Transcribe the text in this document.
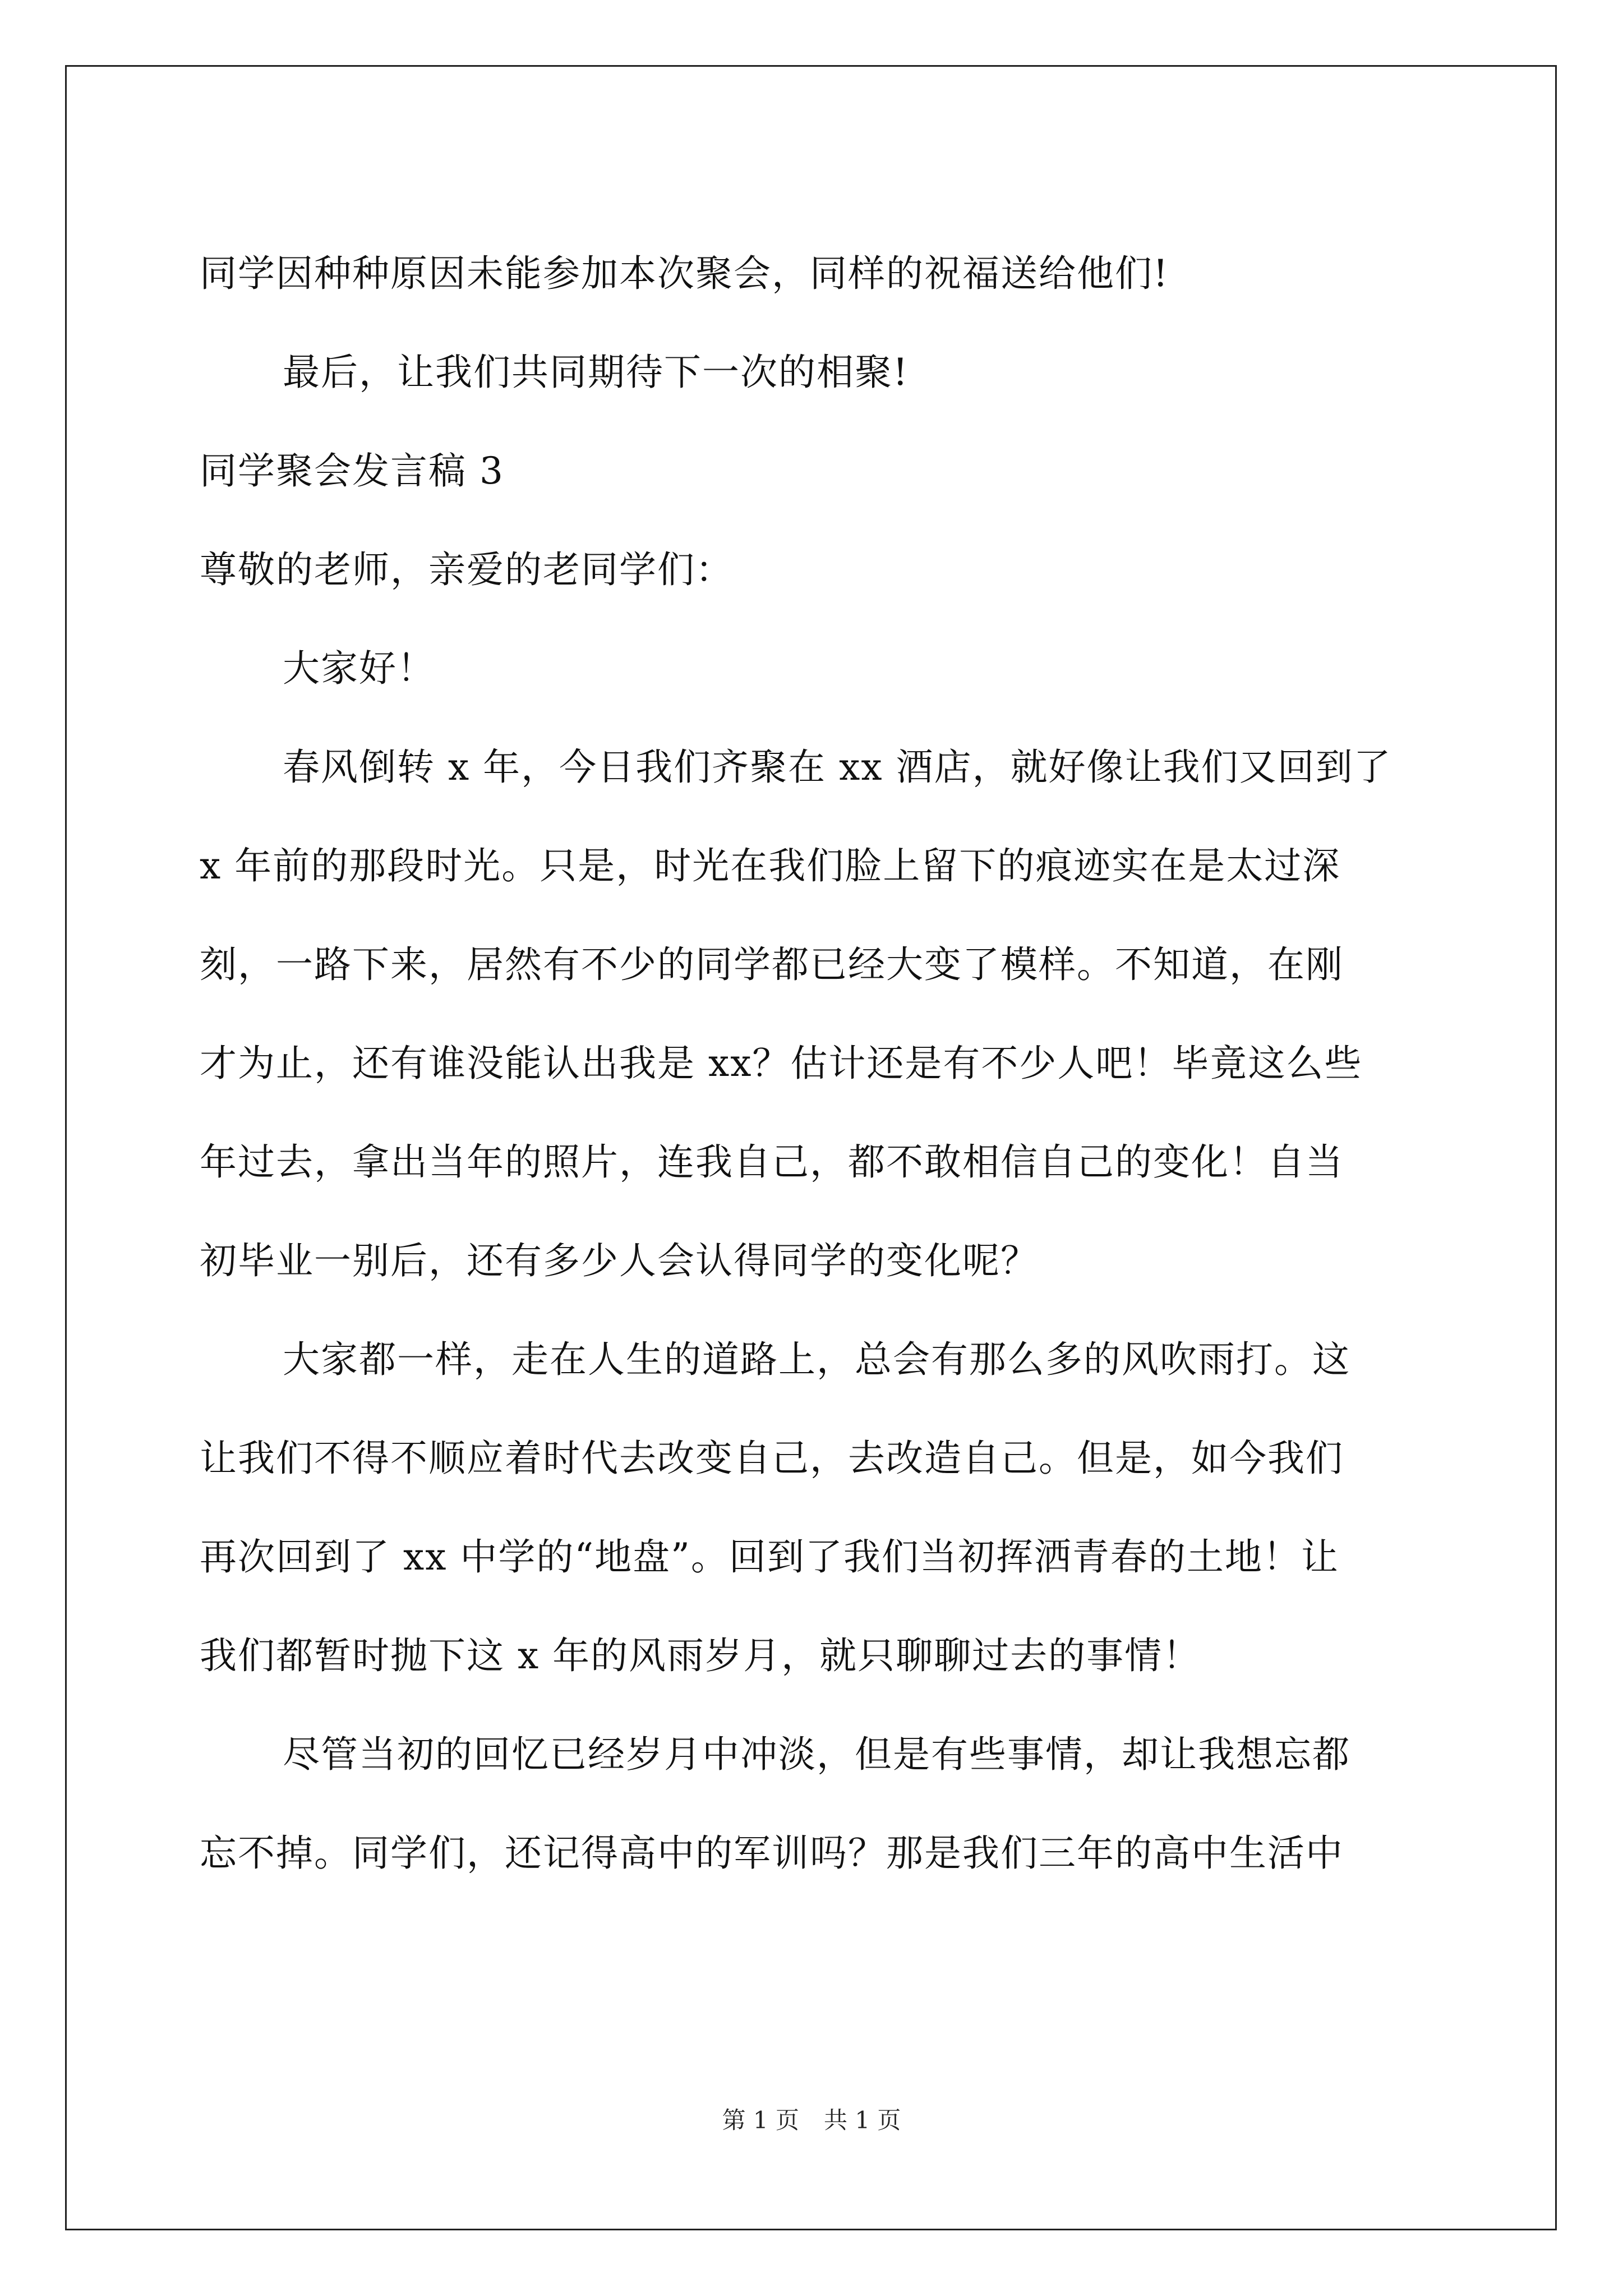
同学因种种原因未能参加本次聚会，同样的祝福送给他们!
最后，让我们共同期待下一次的相聚!
同学聚会发言稿 3
尊敬的老师，亲爱的老同学们：
大家好！
春风倒转 x 年，今日我们齐聚在 xx 酒店，就好像让我们又回到了
x 年前的那段时光。只是，时光在我们脸上留下的痕迹实在是太过深
刻，一路下来，居然有不少的同学都已经大变了模样。不知道，在刚
才为止，还有谁没能认出我是 xx？估计还是有不少人吧！毕竟这么些
年过去，拿出当年的照片，连我自己，都不敢相信自己的变化！自当
初毕业一别后，还有多少人会认得同学的变化呢？
大家都一样，走在人生的道路上，总会有那么多的风吹雨打。这
让我们不得不顺应着时代去改变自己，去改造自己。但是，如今我们
再次回到了 xx 中学的“地盘”。回到了我们当初挥洒青春的土地！让
我们都暂时抛下这 x 年的风雨岁月，就只聊聊过去的事情！
尽管当初的回忆已经岁月中冲淡，但是有些事情，却让我想忘都
忘不掉。同学们，还记得高中的军训吗？那是我们三年的高中生活中
第 1 页 共 1 页
